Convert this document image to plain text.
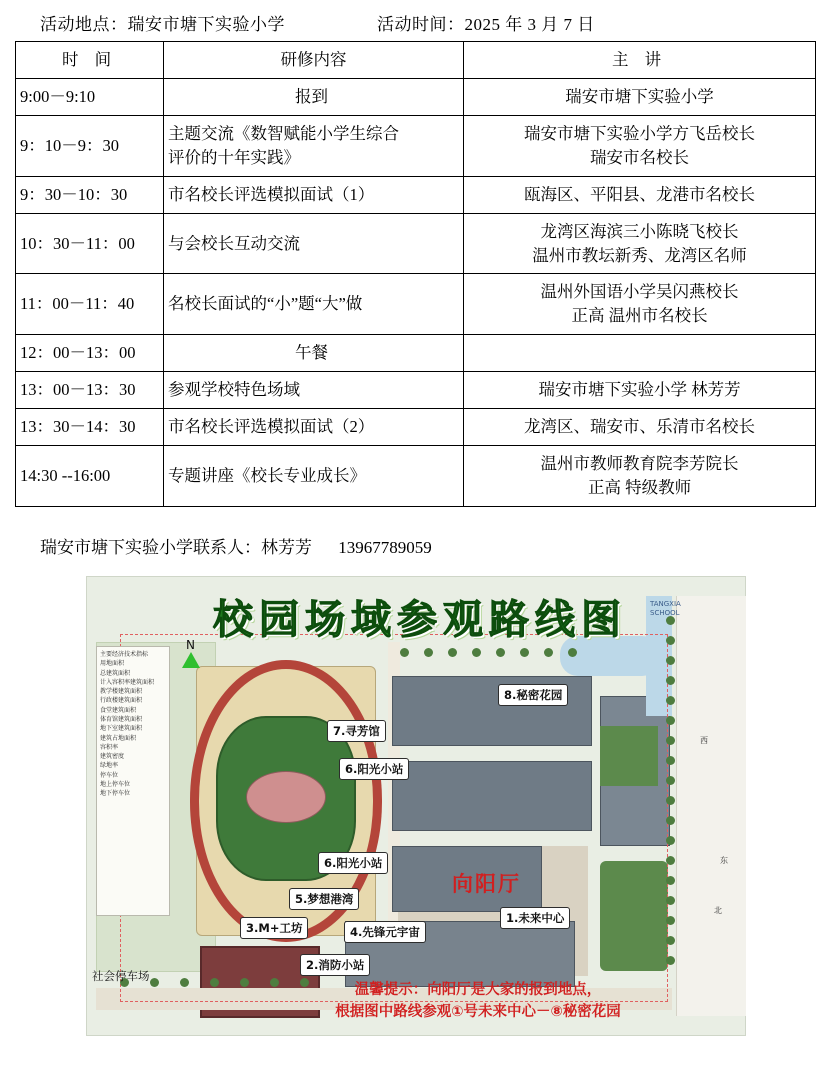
活动地点：瑞安市塘下实验小学	活动时间：2025 年 3 月 7 日
时 间	研修内容	主 讲
9:00－9:10	报到	瑞安市塘下实验小学

9：10－9：30	主题交流《数智赋能小学生综合
评价的十年实践》	瑞安市塘下实验小学方飞岳校长
瑞安市名校长

9：30－10：30	市名校长评选模拟面试（1）	瓯海区、平阳县、龙港市名校长

10：30－11：00	与会校长互动交流	龙湾区海滨三小陈晓飞校长
温州市教坛新秀、龙湾区名师

11：00－11：40	名校长面试的“小”题“大”做	温州外国语小学吴闪燕校长
正高 温州市名校长

12：00－13：00	午餐	
13：00－13：30	参观学校特色场域	瑞安市塘下实验小学 林芳芳
13：30－14：30	市名校长评选模拟面试（2）	龙湾区、瑞安市、乐清市名校长
14:30 --16:00	专题讲座《校长专业成长》	温州市教师教育院李芳院长
正高 特级教师
瑞安市塘下实验小学联系人：林芳芳 13967789059
主要经济技术指标
用地面积
总建筑面积
计入容积率建筑面积
教学楼建筑面积
行政楼建筑面积
食堂建筑面积
体育馆建筑面积
地下室建筑面积
建筑占地面积
容积率
建筑密度
绿地率
停车位
地上停车位
地下停车位
N
校园场域参观路线图
8.秘密花园
7.寻芳馆
6.阳光小站
6.阳光小站
5.梦想港湾
3.M+工坊	4.先锋元宇宙
2.消防小站
1.未来中心
向阳厅
社会停车场
TANGXIA
SCHOOL
西
东
北
温馨提示：向阳厅是大家的报到地点，
根据图中路线参观①号未来中心－⑧秘密花园
